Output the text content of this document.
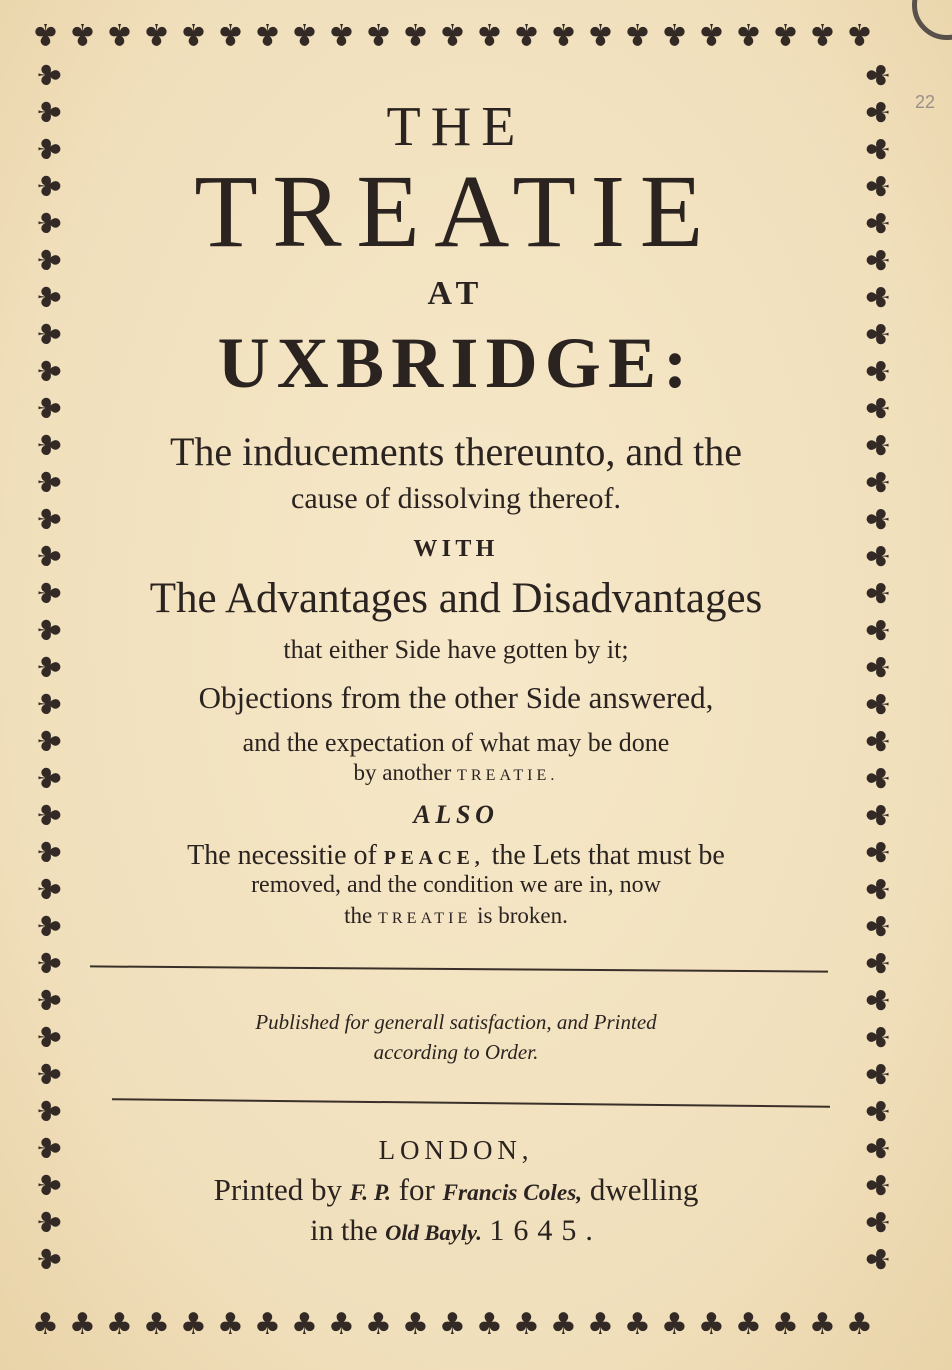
22
♣
♣
♣
♣
♣
♣
♣
♣
♣
♣
♣
♣
♣
♣
♣
♣
♣
♣
♣
♣
♣
♣
♣
♣
♣
♣
♣
♣
♣
♣
♣
♣
♣
♣
♣
♣
♣
♣
♣
♣
♣
♣
♣
♣
♣
♣
♣	♣
♣	♣
♣	♣
♣	♣
♣	♣
♣	♣
♣	♣
♣	♣
♣	♣
♣	♣
♣	♣
♣	♣
♣	♣
♣	♣
♣	♣
♣	♣
♣	♣
♣	♣
♣	♣
♣	♣
♣	♣
♣	♣
♣	♣
♣	♣
♣	♣
♣	♣
♣	♣
♣	♣
♣	♣
♣	♣
♣	♣
♣	♣
♣	♣
THE
TREATIE
AT
UXBRIDGE:
The inducements thereunto, and the
cause of dissolving thereof.
WITH
The Advantages and Disadvantages
that either Side have gotten by it;
Objections from the other Side answered,
and the expectation of what may be done
by another TREATIE.
ALSO
The necessitie of PEACE, the Lets that must be
removed, and the condition we are in, now
the TREATIE is broken.
Published for generall satisfaction, and Printed
according to Order.
LONDON,
Printed by F. P. for Francis Coles, dwelling
in the Old Bayly. 1645.
